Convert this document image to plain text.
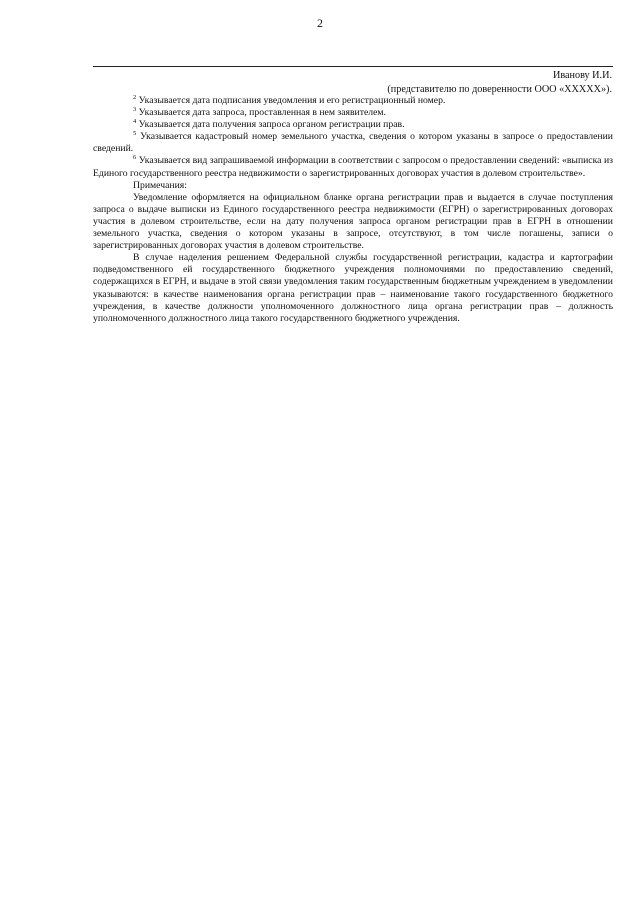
2
Иванову И.И.
(представителю по доверенности ООО «XXXXX»).

$^2$ Указывается дата подписания уведомления и его регистрационный номер.

$^3$ Указывается дата запроса, проставленная в нем заявителем.

$^4$ Указывается дата получения запроса органом регистрации прав.

$^5$ Указывается кадастровый номер земельного участка, сведения о котором указаны в запросе о предоставлении сведений.

$^6$ Указывается вид запрашиваемой информации в соответствии с запросом о предоставлении сведений: «выписка из Единого государственного реестра недвижимости о зарегистрированных договорах участия в долевом строительстве».

Примечания:

Уведомление оформляется на официальном бланке органа регистрации прав и выдается в случае поступления запроса о выдаче выписки из Единого государственного реестра недвижимости (ЕГРН) о зарегистрированных договорах участия в долевом строительстве, если на дату получения запроса органом регистрации прав в ЕГРН в отношении земельного участка, сведения о котором указаны в запросе, отсутствуют, в том числе погашены, записи о зарегистрированных договорах участия в долевом строительстве.

В случае наделения решением Федеральной службы государственной регистрации, кадастра и картографии подведомственного ей государственного бюджетного учреждения полномочиями по предоставлению сведений, содержащихся в ЕГРН, и выдаче в этой связи уведомления таким государственным бюджетным учреждением в уведомлении указываются: в качестве наименования органа регистрации прав – наименование такого государственного бюджетного учреждения, в качестве должности уполномоченного должностного лица органа регистрации прав – должность уполномоченного должностного лица такого государственного бюджетного учреждения.
